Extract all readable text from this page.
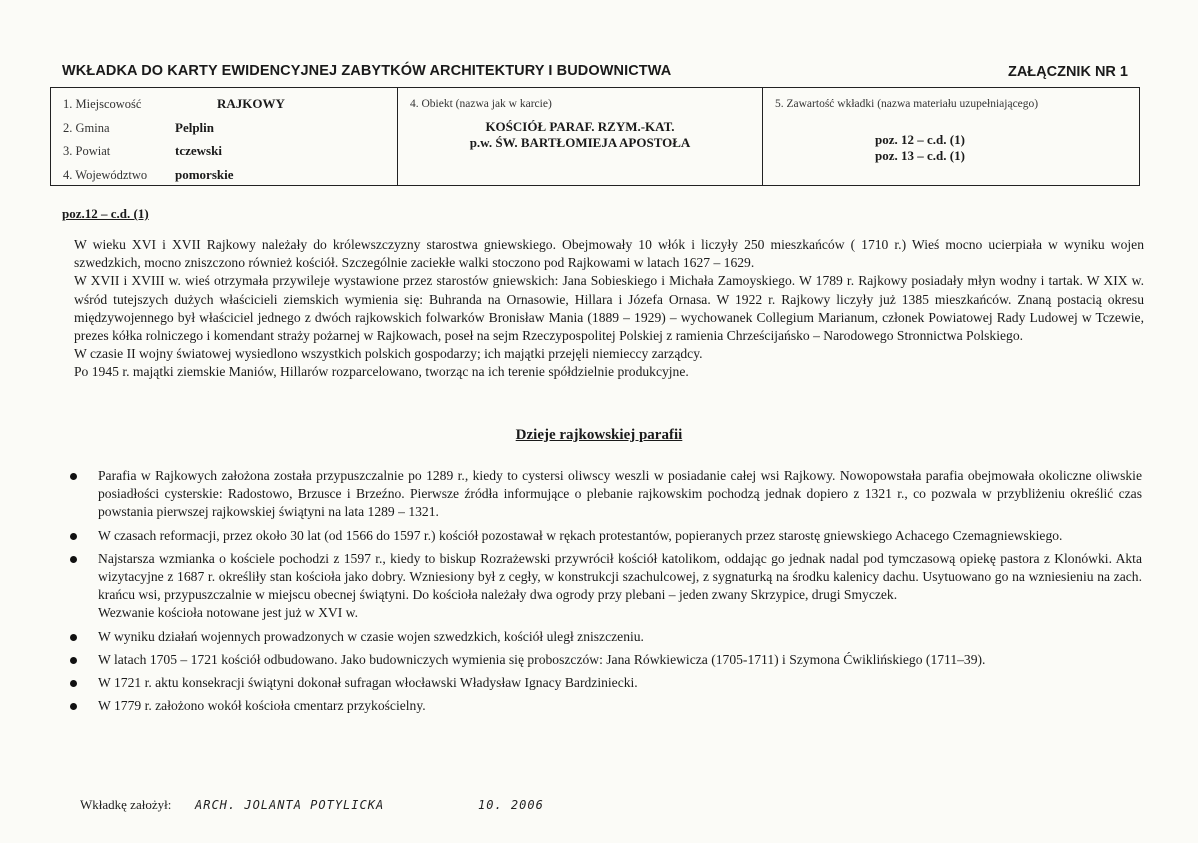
WKŁADKA DO KARTY EWIDENCYJNEJ ZABYTKÓW ARCHITEKTURY I BUDOWNICTWA	ZAŁĄCZNIK NR 1
1. Miejscowość	RAJKOWY
2. Gmina	Pelplin
3. Powiat	tczewski
4. Województwo pomorskie
4. Obiekt (nazwa jak w karcie)
KOŚCIÓŁ PARAF. RZYM.-KAT.
p.w. ŚW. BARTŁOMIEJA APOSTOŁA
5. Zawartość wkładki (nazwa materiału uzupełniającego)
poz. 12 – c.d. (1)
poz. 13 – c.d. (1)
poz.12 – c.d. (1)

W wieku XVI i XVII Rajkowy należały do królewszczyzny starostwa gniewskiego. Obejmowały 10 włók i liczyły 250 mieszkańców ( 1710 r.) Wieś mocno ucierpiała w wyniku wojen szwedzkich, mocno zniszczono również kościół. Szczególnie zaciekłe walki stoczono pod Rajkowami w latach 1627 – 1629.

W XVII i XVIII w. wieś otrzymała przywileje wystawione przez starostów gniewskich: Jana Sobieskiego i Michała Zamoyskiego. W 1789 r. Rajkowy posiadały młyn wodny i tartak. W XIX w. wśród tutejszych dużych właścicieli ziemskich wymienia się: Buhranda na Ornasowie, Hillara i Józefa Ornasa. W 1922 r. Rajkowy liczyły już 1385 mieszkańców. Znaną postacią okresu międzywojennego był właściciel jednego z dwóch rajkowskich folwarków Bronisław Mania (1889 – 1929) – wychowanek Collegium Marianum, członek Powiatowej Rady Ludowej w Tczewie, prezes kółka rolniczego i komendant straży pożarnej w Rajkowach, poseł na sejm Rzeczypospolitej Polskiej z ramienia Chrześcijańsko – Narodowego Stronnictwa Polskiego.

W czasie II wojny światowej wysiedlono wszystkich polskich gospodarzy; ich majątki przejęli niemieccy zarządcy.

Po 1945 r. majątki ziemskie Maniów, Hillarów rozparcelowano, tworząc na ich terenie spółdzielnie produkcyjne.

Dzieje rajkowskiej parafii
Parafia w Rajkowych założona została przypuszczalnie po 1289 r., kiedy to cystersi oliwscy weszli w posiadanie całej wsi Rajkowy. Nowopowstała parafia obejmowała okoliczne oliwskie posiadłości cysterskie: Radostowo, Brzusce i Brzeźno. Pierwsze źródła informujące o plebanie rajkowskim pochodzą jednak dopiero z 1321 r., co pozwala w przybliżeniu określić czas powstania pierwszej rajkowskiej świątyni na lata 1289 – 1321.
W czasach reformacji, przez około 30 lat (od 1566 do 1597 r.) kościół pozostawał w rękach protestantów, popieranych przez starostę gniewskiego Achacego Czemagniewskiego.
Najstarsza wzmianka o kościele pochodzi z 1597 r., kiedy to biskup Rozrażewski przywrócił kościół katolikom, oddając go jednak nadal pod tymczasową opiekę pastora z Klonówki. Akta wizytacyjne z 1687 r. określiły stan kościoła jako dobry. Wzniesiony był z cegły, w konstrukcji szachulcowej, z sygnaturką na środku kalenicy dachu. Usytuowano go na wzniesieniu na zach. krańcu wsi, przypuszczalnie w miejscu obecnej świątyni. Do kościoła należały dwa ogrody przy plebani – jeden zwany Skrzypice, drugi Smyczek.
Wezwanie kościoła notowane jest już w XVI w.
W wyniku działań wojennych prowadzonych w czasie wojen szwedzkich, kościół uległ zniszczeniu.
W latach 1705 – 1721 kościół odbudowano. Jako budowniczych wymienia się proboszczów: Jana Rówkiewicza (1705-1711) i Szymona Ćwiklińskiego (1711–39).
W 1721 r. aktu konsekracji świątyni dokonał sufragan włocławski Władysław Ignacy Bardziniecki.
W 1779 r. założono wokół kościoła cmentarz przykościelny.
Wkładkę założył: ARCH. JOLANTA POTYLICKA	10. 2006
